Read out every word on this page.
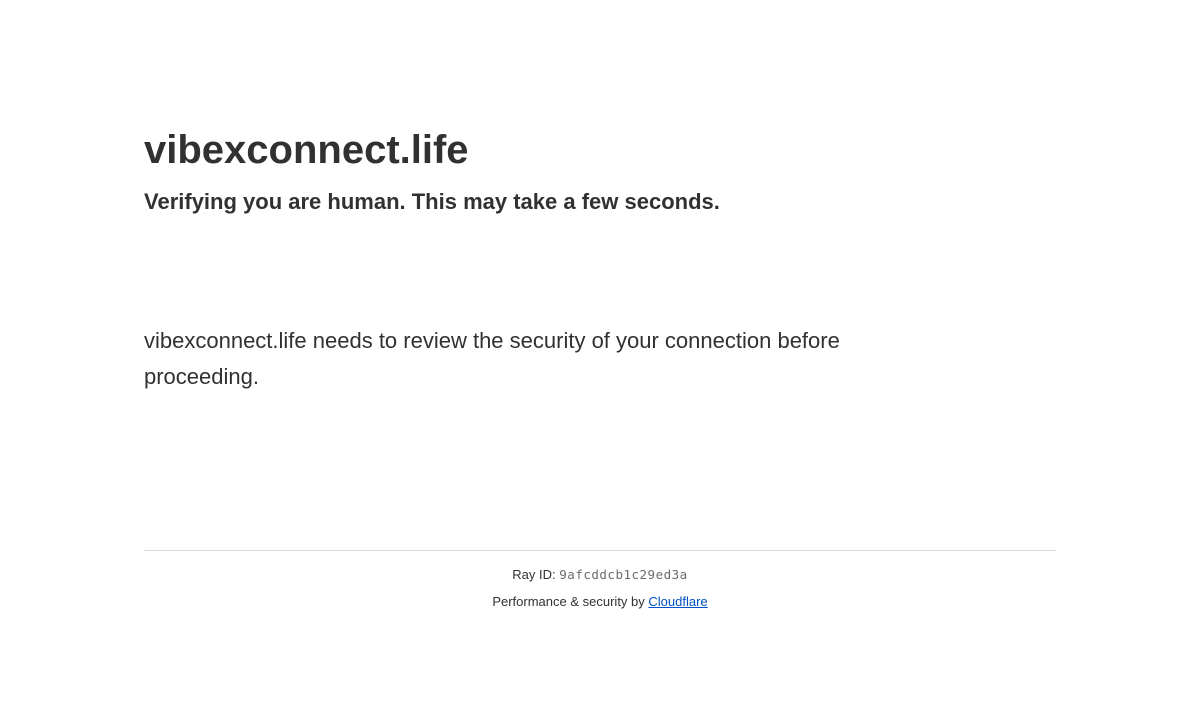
vibexconnect.life
Verifying you are human. This may take a few seconds.

vibexconnect.life needs to review the security of your connection before proceeding.

Ray ID: 9afcddcb1c29ed3a
Performance & security by Cloudflare
